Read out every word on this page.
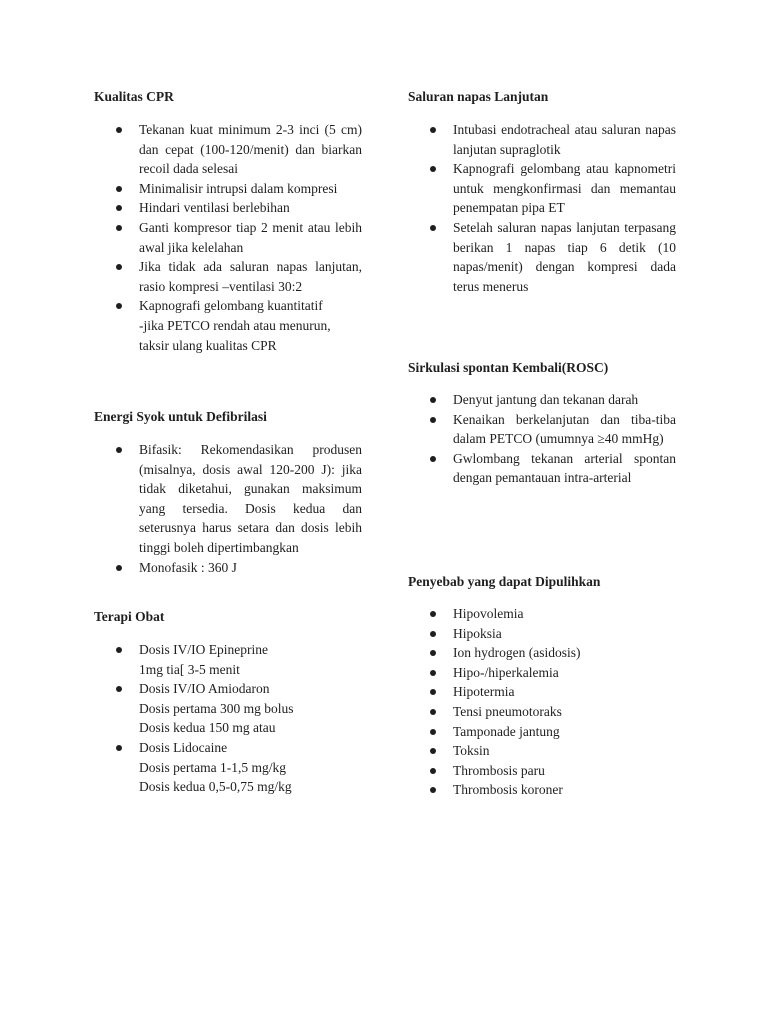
Kualitas CPR
Tekanan kuat minimum 2-3 inci (5 cm) dan cepat (100-120/menit) dan biarkan recoil dada selesai
Minimalisir intrupsi dalam kompresi
Hindari ventilasi berlebihan
Ganti kompresor tiap 2 menit atau lebih awal jika kelelahan
Jika tidak ada saluran napas lanjutan, rasio kompresi –ventilasi 30:2
Kapnografi gelombang kuantitatif
-jika PETCO rendah atau menurun,
taksir ulang kualitas CPR
Energi Syok untuk Defibrilasi
Bifasik: Rekomendasikan produsen (misalnya, dosis awal 120-200 J): jika tidak diketahui, gunakan maksimum yang tersedia. Dosis kedua dan seterusnya harus setara dan dosis lebih tinggi boleh dipertimbangkan
Monofasik : 360 J
Terapi Obat
Dosis IV/IO Epineprine
1mg tia[ 3-5 menit
Dosis IV/IO Amiodaron
Dosis pertama 300 mg bolus
Dosis kedua 150 mg atau
Dosis Lidocaine
Dosis pertama 1-1,5 mg/kg
Dosis kedua 0,5-0,75 mg/kg
Saluran napas Lanjutan
Intubasi endotracheal atau saluran napas lanjutan supraglotik
Kapnografi gelombang atau kapnometri untuk mengkonfirmasi dan memantau penempatan pipa ET
Setelah saluran napas lanjutan terpasang berikan 1 napas tiap 6 detik (10 napas/menit) dengan kompresi dada terus menerus
Sirkulasi spontan Kembali(ROSC)
Denyut jantung dan tekanan darah
Kenaikan berkelanjutan dan tiba-tiba dalam PETCO (umumnya ≥40 mmHg)
Gwlombang tekanan arterial spontan dengan pemantauan intra-arterial
Penyebab yang dapat Dipulihkan
Hipovolemia
Hipoksia
Ion hydrogen (asidosis)
Hipo-/hiperkalemia
Hipotermia
Tensi pneumotoraks
Tamponade jantung
Toksin
Thrombosis paru
Thrombosis koroner
